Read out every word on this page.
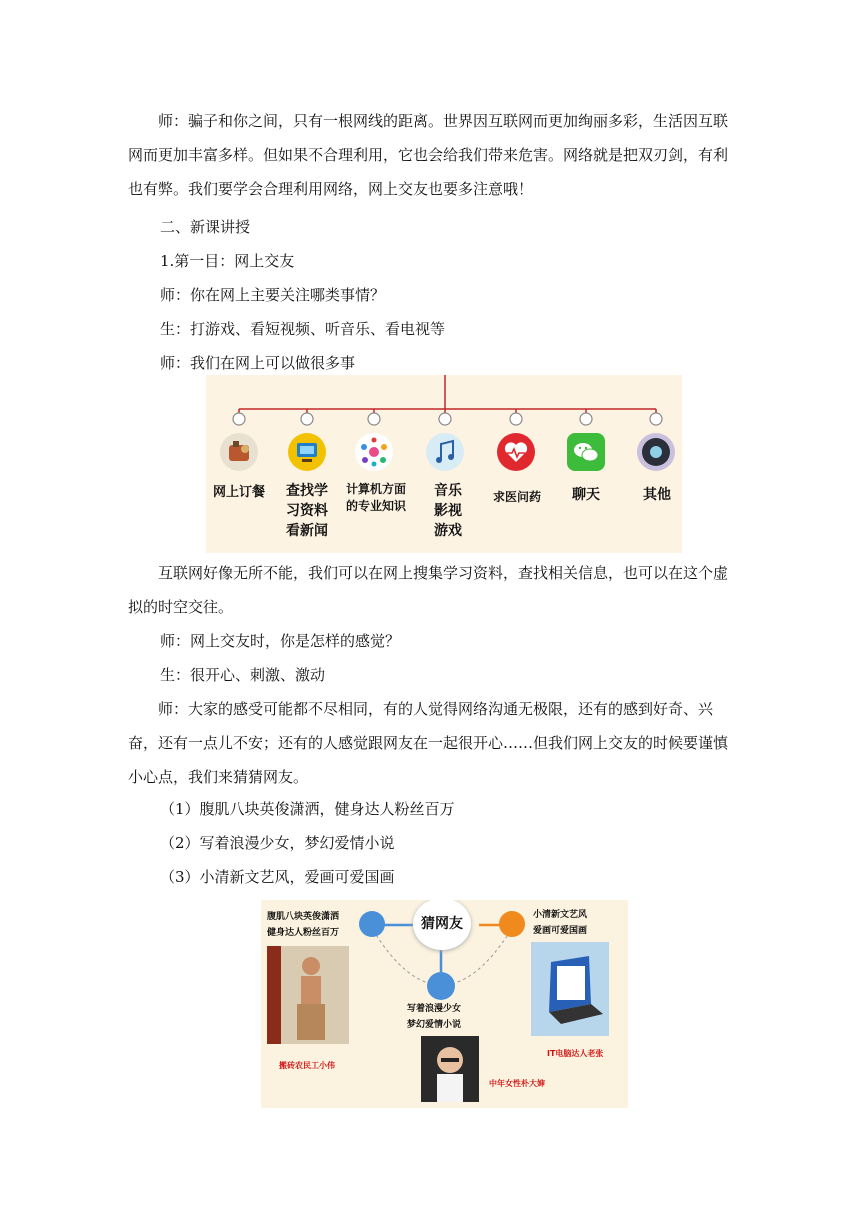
师：骗子和你之间，只有一根网线的距离。世界因互联网而更加绚丽多彩，生活因互联网而更加丰富多样。但如果不合理利用，它也会给我们带来危害。网络就是把双刃剑，有利也有弊。我们要学会合理利用网络，网上交友也要多注意哦！

二、新课讲授

1.第一目：网上交友

师：你在网上主要关注哪类事情？

生：打游戏、看短视频、听音乐、看电视等

师：我们在网上可以做很多事

网上订餐	查找学习资料看新闻
计算机方面的专业知识
音乐影视游戏
求医问药	聊天	其他

互联网好像无所不能，我们可以在网上搜集学习资料，查找相关信息，也可以在这个虚拟的时空交往。

师：网上交友时，你是怎样的感觉？

生：很开心、刺激、激动

师：大家的感受可能都不尽相同，有的人觉得网络沟通无极限，还有的感到好奇、兴奋，还有一点儿不安；还有的人感觉跟网友在一起很开心……但我们网上交友的时候要谨慎小心点，我们来猜猜网友。

（1）腹肌八块英俊潇洒，健身达人粉丝百万

（2）写着浪漫少女，梦幻爱情小说

（3）小清新文艺风，爱画可爱国画

猜网友
腹肌八块英俊潇洒
健身达人粉丝百万
搬砖农民工小伟
写着浪漫少女
梦幻爱情小说
中年女性朴大婶
小清新文艺风
爱画可爱国画
IT电脑达人老张
